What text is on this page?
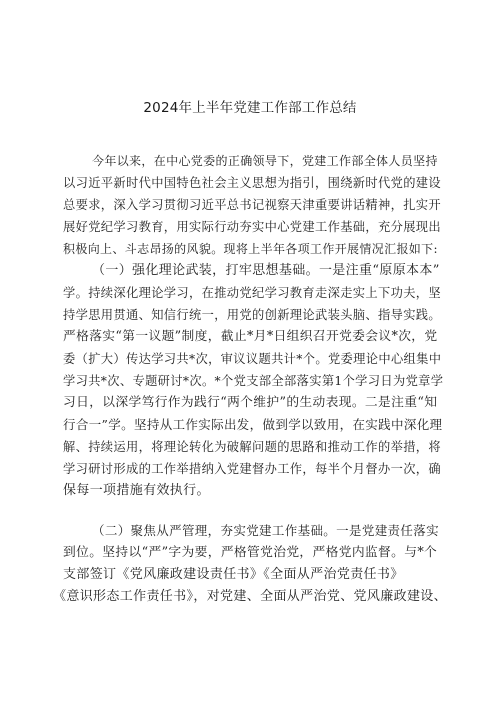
2024年上半年党建工作部工作总结
今年以来，在中心党委的正确领导下，党建工作部全体人员坚持
以习近平新时代中国特色社会主义思想为指引，围绕新时代党的建设
总要求，深入学习贯彻习近平总书记视察天津重要讲话精神，扎实开
展好党纪学习教育，用实际行动夯实中心党建工作基础，充分展现出
积极向上、斗志昂扬的风貌。现将上半年各项工作开展情况汇报如下:
（一）强化理论武装，打牢思想基础。一是注重“原原本本”
学。持续深化理论学习，在推动党纪学习教育走深走实上下功夫，坚
持学思用贯通、知信行统一，用党的创新理论武装头脑、指导实践。
严格落实“第一议题”制度，截止*月*日组织召开党委会议*次，党
委（扩大）传达学习共*次，审议议题共计*个。党委理论中心组集中
学习共*次、专题研讨*次。*个党支部全部落实第1个学习日为党章学
习日，以深学笃行作为践行“两个维护”的生动表现。二是注重“知
行合一”学。坚持从工作实际出发，做到学以致用，在实践中深化理
解、持续运用，将理论转化为破解问题的思路和推动工作的举措，将
学习研讨形成的工作举措纳入党建督办工作，每半个月督办一次，确
保每一项措施有效执行。
（二）聚焦从严管理，夯实党建工作基础。一是党建责任落实
到位。坚持以“严”字为要，严格管党治党，严格党内监督。与*个
支部签订《党风廉政建设责任书》《全面从严治党责任书》
《意识形态工作责任书》，对党建、全面从严治党、党风廉政建设、
